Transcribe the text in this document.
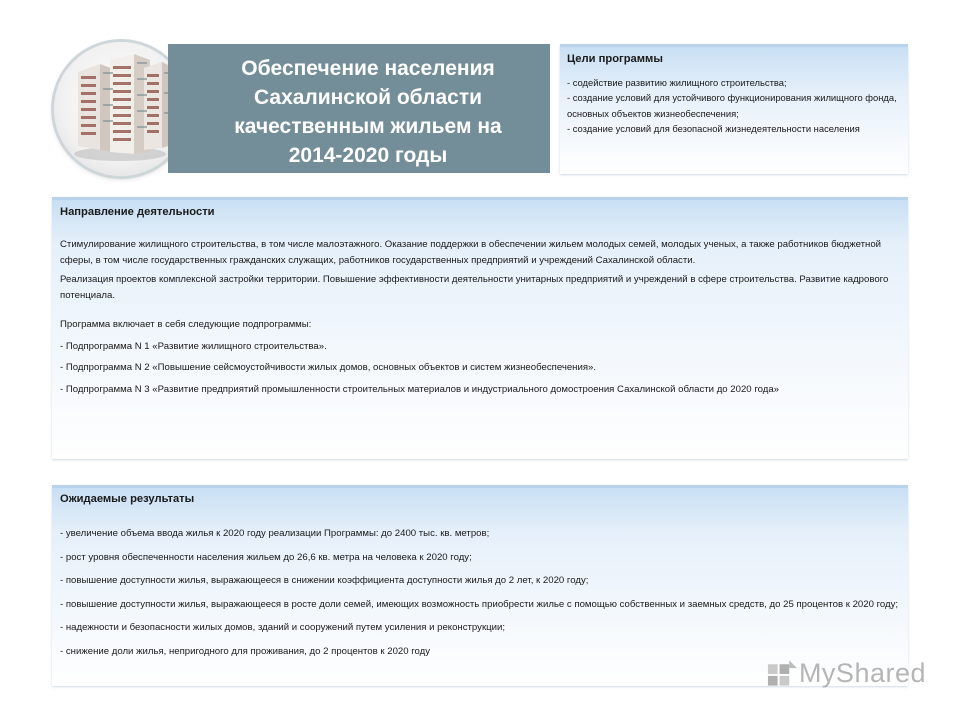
Обеспечение населения Сахалинской области качественным жильем на 2014-2020 годы
Цели программы

- содействие развитию жилищного строительства;

- создание условий для устойчивого функционирования жилищного фонда, основных объектов жизнеобеспечения;

- создание условий для безопасной жизнедеятельности населения

Направление деятельности

Стимулирование жилищного строительства, в том числе малоэтажного. Оказание поддержки в обеспечении жильем молодых семей, молодых ученых, а также работников бюджетной сферы, в том числе государственных гражданских служащих, работников государственных предприятий и учреждений Сахалинской области.

Реализация проектов комплексной застройки территории. Повышение эффективности деятельности унитарных предприятий и учреждений в сфере строительства. Развитие кадрового потенциала.

Программа включает в себя следующие подпрограммы:

- Подпрограмма N 1 «Развитие жилищного строительства».

- Подпрограмма N 2 «Повышение сейсмоустойчивости жилых домов, основных объектов и систем жизнеобеспечения».

- Подпрограмма N 3 «Развитие предприятий промышленности строительных материалов и индустриального домостроения Сахалинской области до 2020 года»

Ожидаемые результаты

- увеличение объема ввода жилья к 2020 году реализации Программы: до 2400 тыс. кв. метров;

- рост уровня обеспеченности населения жильем до 26,6 кв. метра на человека к 2020 году;

- повышение доступности жилья, выражающееся в снижении коэффициента доступности жилья до 2 лет, к 2020 году;

- повышение доступности жилья, выражающееся в росте доли семей, имеющих возможность приобрести жилье с помощью собственных и заемных средств, до 25 процентов к 2020 году;

- надежности и безопасности жилых домов, зданий и сооружений путем усиления и реконструкции;

- снижение доли жилья, непригодного для проживания, до 2 процентов к 2020 году

MyShared
